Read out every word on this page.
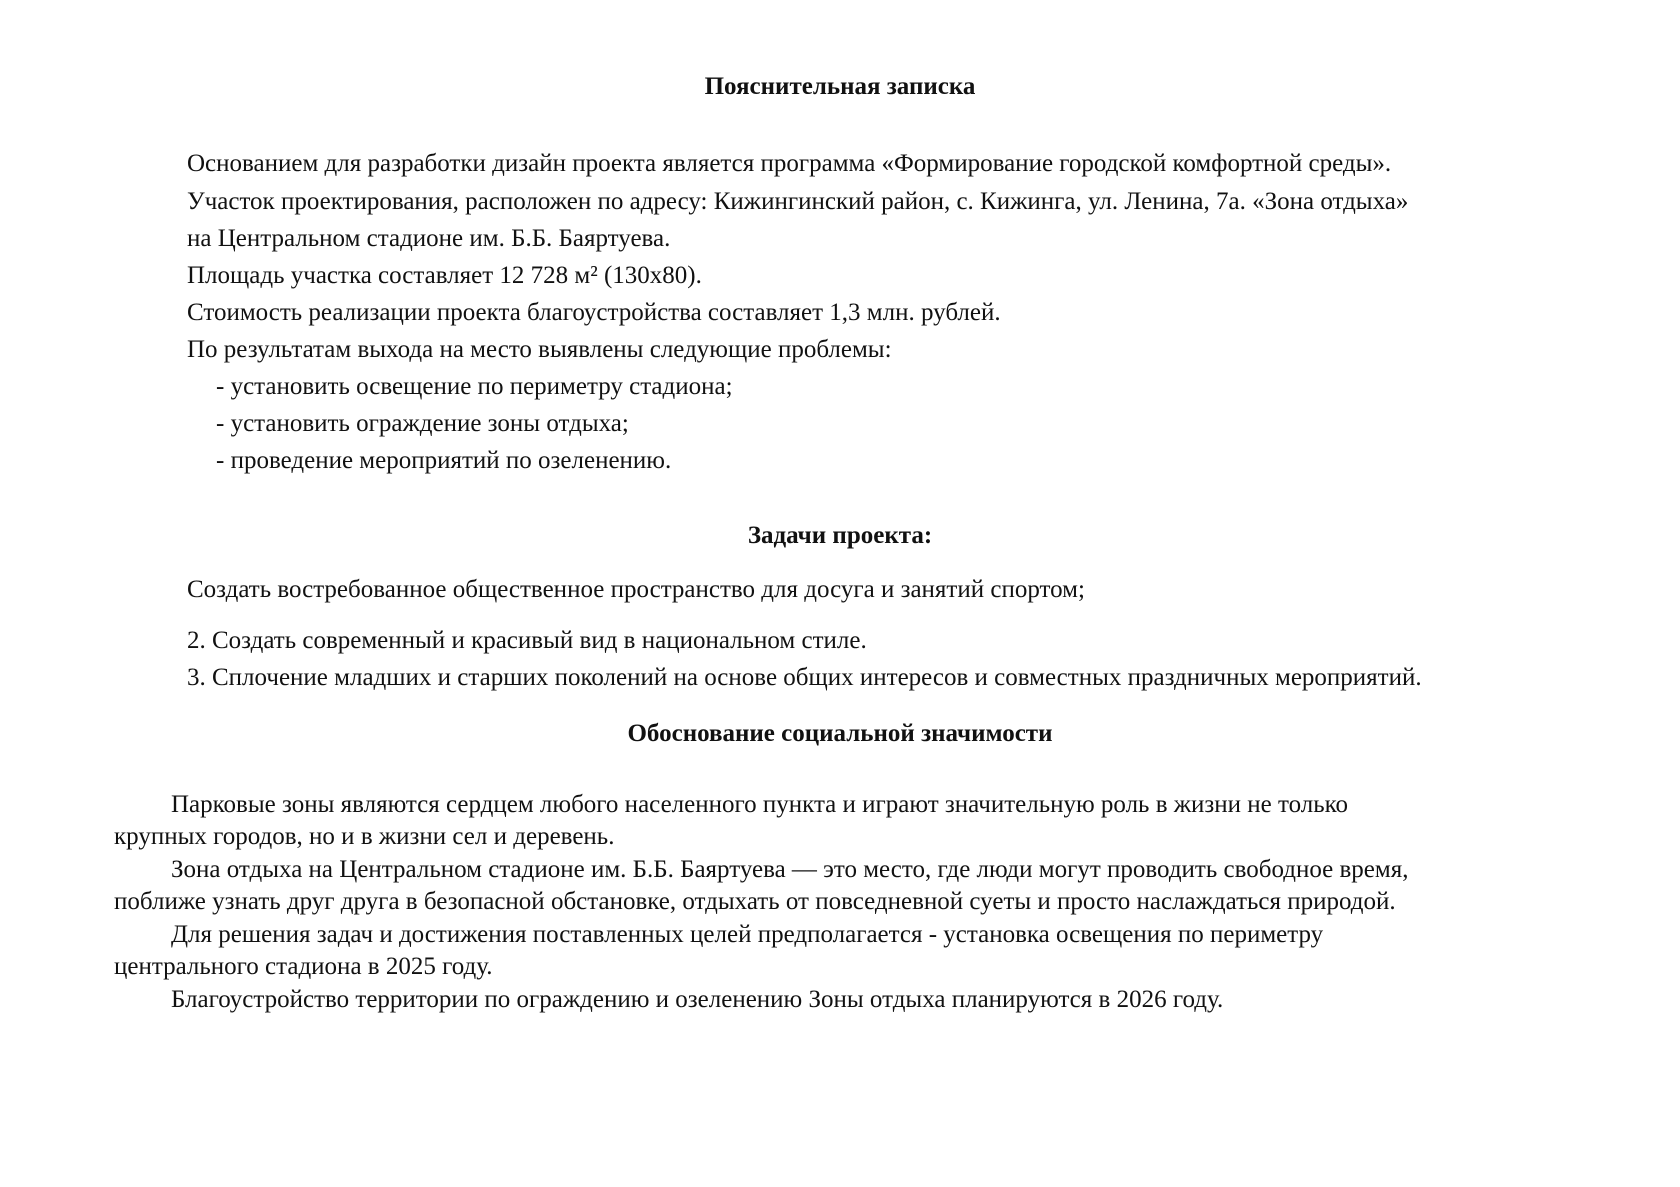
Пояснительная записка

Основанием для разработки дизайн проекта является программа «Формирование городской комфортной среды».

Участок проектирования, расположен по адресу: Кижингинский район, с. Кижинга, ул. Ленина, 7а. «Зона отдыха»

на Центральном стадионе им. Б.Б. Баяртуева.

Площадь участка составляет 12 728 м² (130х80).

Стоимость реализации проекта благоустройства составляет 1,3 млн. рублей.

По результатам выхода на место выявлены следующие проблемы:

- установить освещение по периметру стадиона;

- установить ограждение зоны отдыха;

- проведение мероприятий по озеленению.

Задачи проекта:

Создать востребованное общественное пространство для досуга и занятий спортом;

2. Создать современный и красивый вид в национальном стиле.

3. Сплочение младших и старших поколений на основе общих интересов и совместных праздничных мероприятий.

Обоснование социальной значимости

Парковые зоны являются сердцем любого населенного пункта и играют значительную роль в жизни не только

крупных городов, но и в жизни сел и деревень.

Зона отдыха на Центральном стадионе им. Б.Б. Баяртуева — это место, где люди могут проводить свободное время,

поближе узнать друг друга в безопасной обстановке, отдыхать от повседневной суеты и просто наслаждаться природой.

Для решения задач и достижения поставленных целей предполагается - установка освещения по периметру

центрального стадиона в 2025 году.

Благоустройство территории по ограждению и озеленению Зоны отдыха планируются в 2026 году.
